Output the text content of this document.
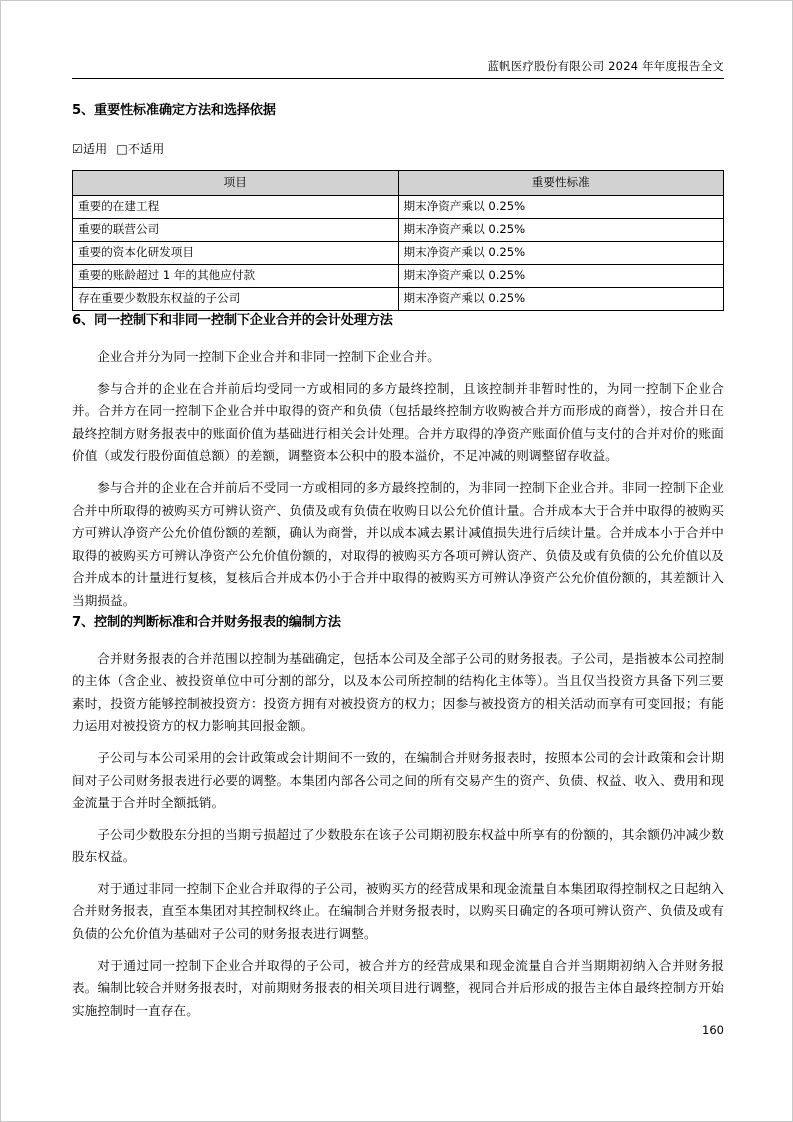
蓝帆医疗股份有限公司 2024 年年度报告全文
5、重要性标准确定方法和选择依据
☑适用 □不适用
项目	重要性标准
重要的在建工程	期末净资产乘以 0.25%
重要的联营公司	期末净资产乘以 0.25%
重要的资本化研发项目	期末净资产乘以 0.25%
重要的账龄超过 1 年的其他应付款	期末净资产乘以 0.25%
存在重要少数股东权益的子公司	期末净资产乘以 0.25%
6、同一控制下和非同一控制下企业合并的会计处理方法

企业合并分为同一控制下企业合并和非同一控制下企业合并。

参与合并的企业在合并前后均受同一方或相同的多方最终控制，且该控制并非暂时性的，为同一控制下企业合并。合并方在同一控制下企业合并中取得的资产和负债（包括最终控制方收购被合并方而形成的商誉），按合并日在最终控制方财务报表中的账面价值为基础进行相关会计处理。合并方取得的净资产账面价值与支付的合并对价的账面价值（或发行股份面值总额）的差额，调整资本公积中的股本溢价，不足冲减的则调整留存收益。

参与合并的企业在合并前后不受同一方或相同的多方最终控制的，为非同一控制下企业合并。非同一控制下企业合并中所取得的被购买方可辨认资产、负债及或有负债在收购日以公允价值计量。合并成本大于合并中取得的被购买方可辨认净资产公允价值份额的差额，确认为商誉，并以成本减去累计减值损失进行后续计量。合并成本小于合并中取得的被购买方可辨认净资产公允价值份额的，对取得的被购买方各项可辨认资产、负债及或有负债的公允价值以及合并成本的计量进行复核，复核后合并成本仍小于合并中取得的被购买方可辨认净资产公允价值份额的，其差额计入当期损益。

7、控制的判断标准和合并财务报表的编制方法

合并财务报表的合并范围以控制为基础确定，包括本公司及全部子公司的财务报表。子公司，是指被本公司控制的主体（含企业、被投资单位中可分割的部分，以及本公司所控制的结构化主体等）。当且仅当投资方具备下列三要素时，投资方能够控制被投资方：投资方拥有对被投资方的权力；因参与被投资方的相关活动而享有可变回报；有能力运用对被投资方的权力影响其回报金额。

子公司与本公司采用的会计政策或会计期间不一致的，在编制合并财务报表时，按照本公司的会计政策和会计期间对子公司财务报表进行必要的调整。本集团内部各公司之间的所有交易产生的资产、负债、权益、收入、费用和现金流量于合并时全额抵销。

子公司少数股东分担的当期亏损超过了少数股东在该子公司期初股东权益中所享有的份额的，其余额仍冲减少数股东权益。

对于通过非同一控制下企业合并取得的子公司，被购买方的经营成果和现金流量自本集团取得控制权之日起纳入合并财务报表，直至本集团对其控制权终止。在编制合并财务报表时，以购买日确定的各项可辨认资产、负债及或有负债的公允价值为基础对子公司的财务报表进行调整。

对于通过同一控制下企业合并取得的子公司，被合并方的经营成果和现金流量自合并当期期初纳入合并财务报表。编制比较合并财务报表时，对前期财务报表的相关项目进行调整，视同合并后形成的报告主体自最终控制方开始实施控制时一直存在。

160
